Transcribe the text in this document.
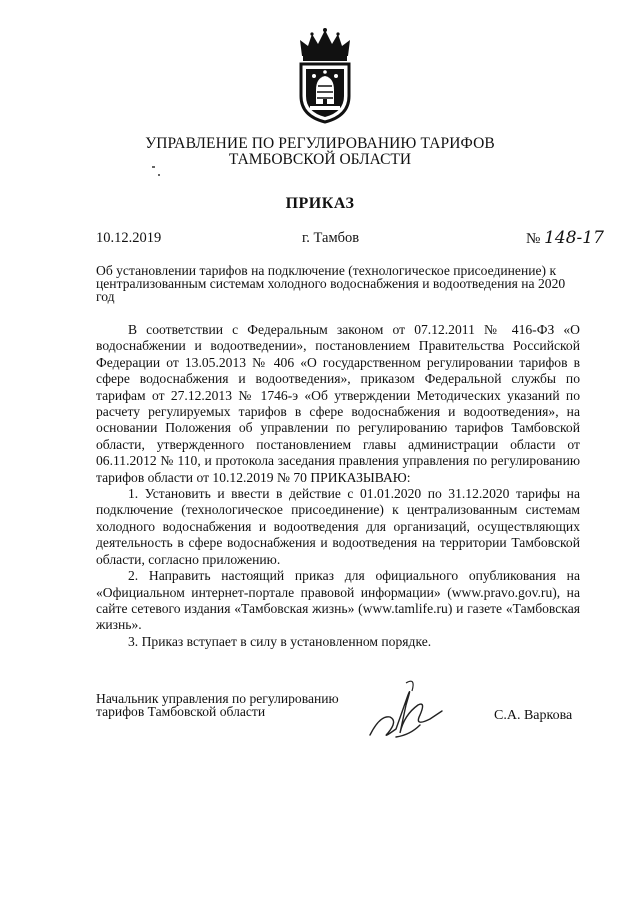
УПРАВЛЕНИЕ ПО РЕГУЛИРОВАНИЮ ТАРИФОВ
ТАМБОВСКОЙ ОБЛАСТИ
ПРИКАЗ
10.12.2019	г. Тамбов	№ 148-17
Об установлении тарифов на подключение (технологическое присоединение) к централизованным системам холодного водоснабжения и водоотведения на 2020 год

В соответствии с Федеральным законом от 07.12.2011 № 416-ФЗ «О водоснабжении и водоотведении», постановлением Правительства Российской Федерации от 13.05.2013 № 406 «О государственном регулировании тарифов в сфере водоснабжения и водоотведения», приказом Федеральной службы по тарифам от 27.12.2013 № 1746-э «Об утверждении Методических указаний по расчету регулируемых тарифов в сфере водоснабжения и водоотведения», на основании Положения об управлении по регулированию тарифов Тамбовской области, утвержденного постановлением главы администрации области от 06.11.2012 № 110, и протокола заседания правления управления по регулированию тарифов области от 10.12.2019 № 70 ПРИКАЗЫВАЮ:

1. Установить и ввести в действие с 01.01.2020 по 31.12.2020 тарифы на подключение (технологическое присоединение) к централизованным системам холодного водоснабжения и водоотведения для организаций, осуществляющих деятельность в сфере водоснабжения и водоотведения на территории Тамбовской области, согласно приложению.

2. Направить настоящий приказ для официального опубликования на «Официальном интернет-портале правовой информации» (www.pravo.gov.ru), на сайте сетевого издания «Тамбовская жизнь» (www.tamlife.ru) и газете «Тамбовская жизнь».

3. Приказ вступает в силу в установленном порядке.

Начальник управления по регулированию
тарифов Тамбовской области	С.А. Варкова
